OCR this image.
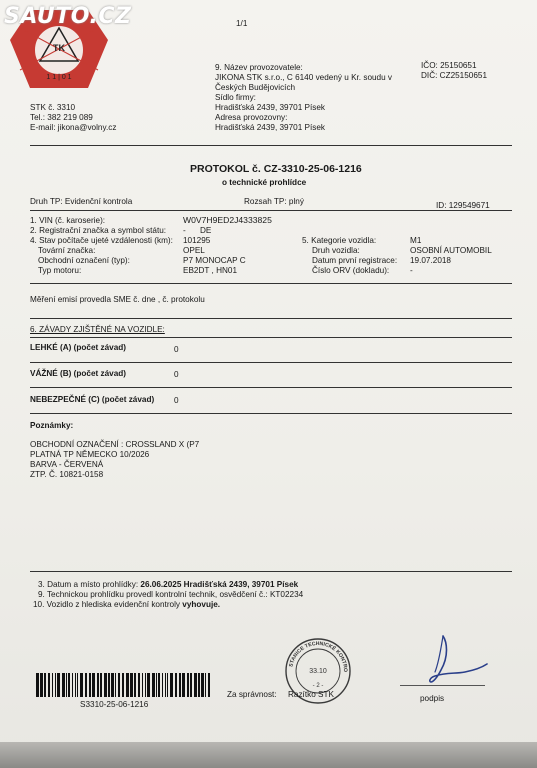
TK
1 1 | 0 1
SAUTO.CZ	1/1
9. Název provozovatele:
JIKONA STK s.r.o., C 6140 vedený u Kr. soudu v
Českých Budějovicích
Sídlo firmy:
Hradišťská 2439, 39701 Písek
Adresa provozovny:
Hradišťská 2439, 39701 Písek
IČO: 25150651
DIČ: CZ25150651
STK č. 3310
Tel.: 382 219 089
E-mail: jikona@volny.cz
PROTOKOL č. CZ-3310-25-06-1216
o technické prohlídce
Druh TP: Evidenční kontrola	Rozsah TP: plný	ID: 129549671
1. VIN (č. karoserie):	W0V7H9ED2J4333825
2. Registrační značka a symbol státu: - DE
4. Stav počítače ujeté vzdálenosti (km): 101295
Tovární značka:	OPEL
Obchodní označení (typ):	P7 MONOCAP C
Typ motoru:	EB2DT , HN01
5. Kategorie vozidla:	M1
Druh vozidla:	OSOBNÍ AUTOMOBIL
Datum první registrace: 19.07.2018
Číslo ORV (dokladu):	-
Měření emisí provedla SME č. dne , č. protokolu
6. ZÁVADY ZJIŠTĚNÉ NA VOZIDLE:
LEHKÉ (A) (počet závad)	0
VÁŽNÉ (B) (počet závad)	0
NEBEZPEČNÉ (C) (počet závad) 0
Poznámky:
OBCHODNÍ OZNAČENÍ : CROSSLAND X (P7
PLATNÁ TP NĚMECKO 10/2026
BARVA - ČERVENÁ
ZTP. Č. 10821-0158
3. Datum a místo prohlídky: 26.06.2025 Hradišťská 2439, 39701 Písek
9. Technickou prohlídku provedl kontrolní technik, osvědčení č.: KT02234
10. Vozidlo z hlediska evidenční kontroly vyhovuje.
S3310-25-06-1216
Za správnost:
STANICE TECHNICKÉ KONTRO
33.10
- 2 -
Razítko STK	podpis
